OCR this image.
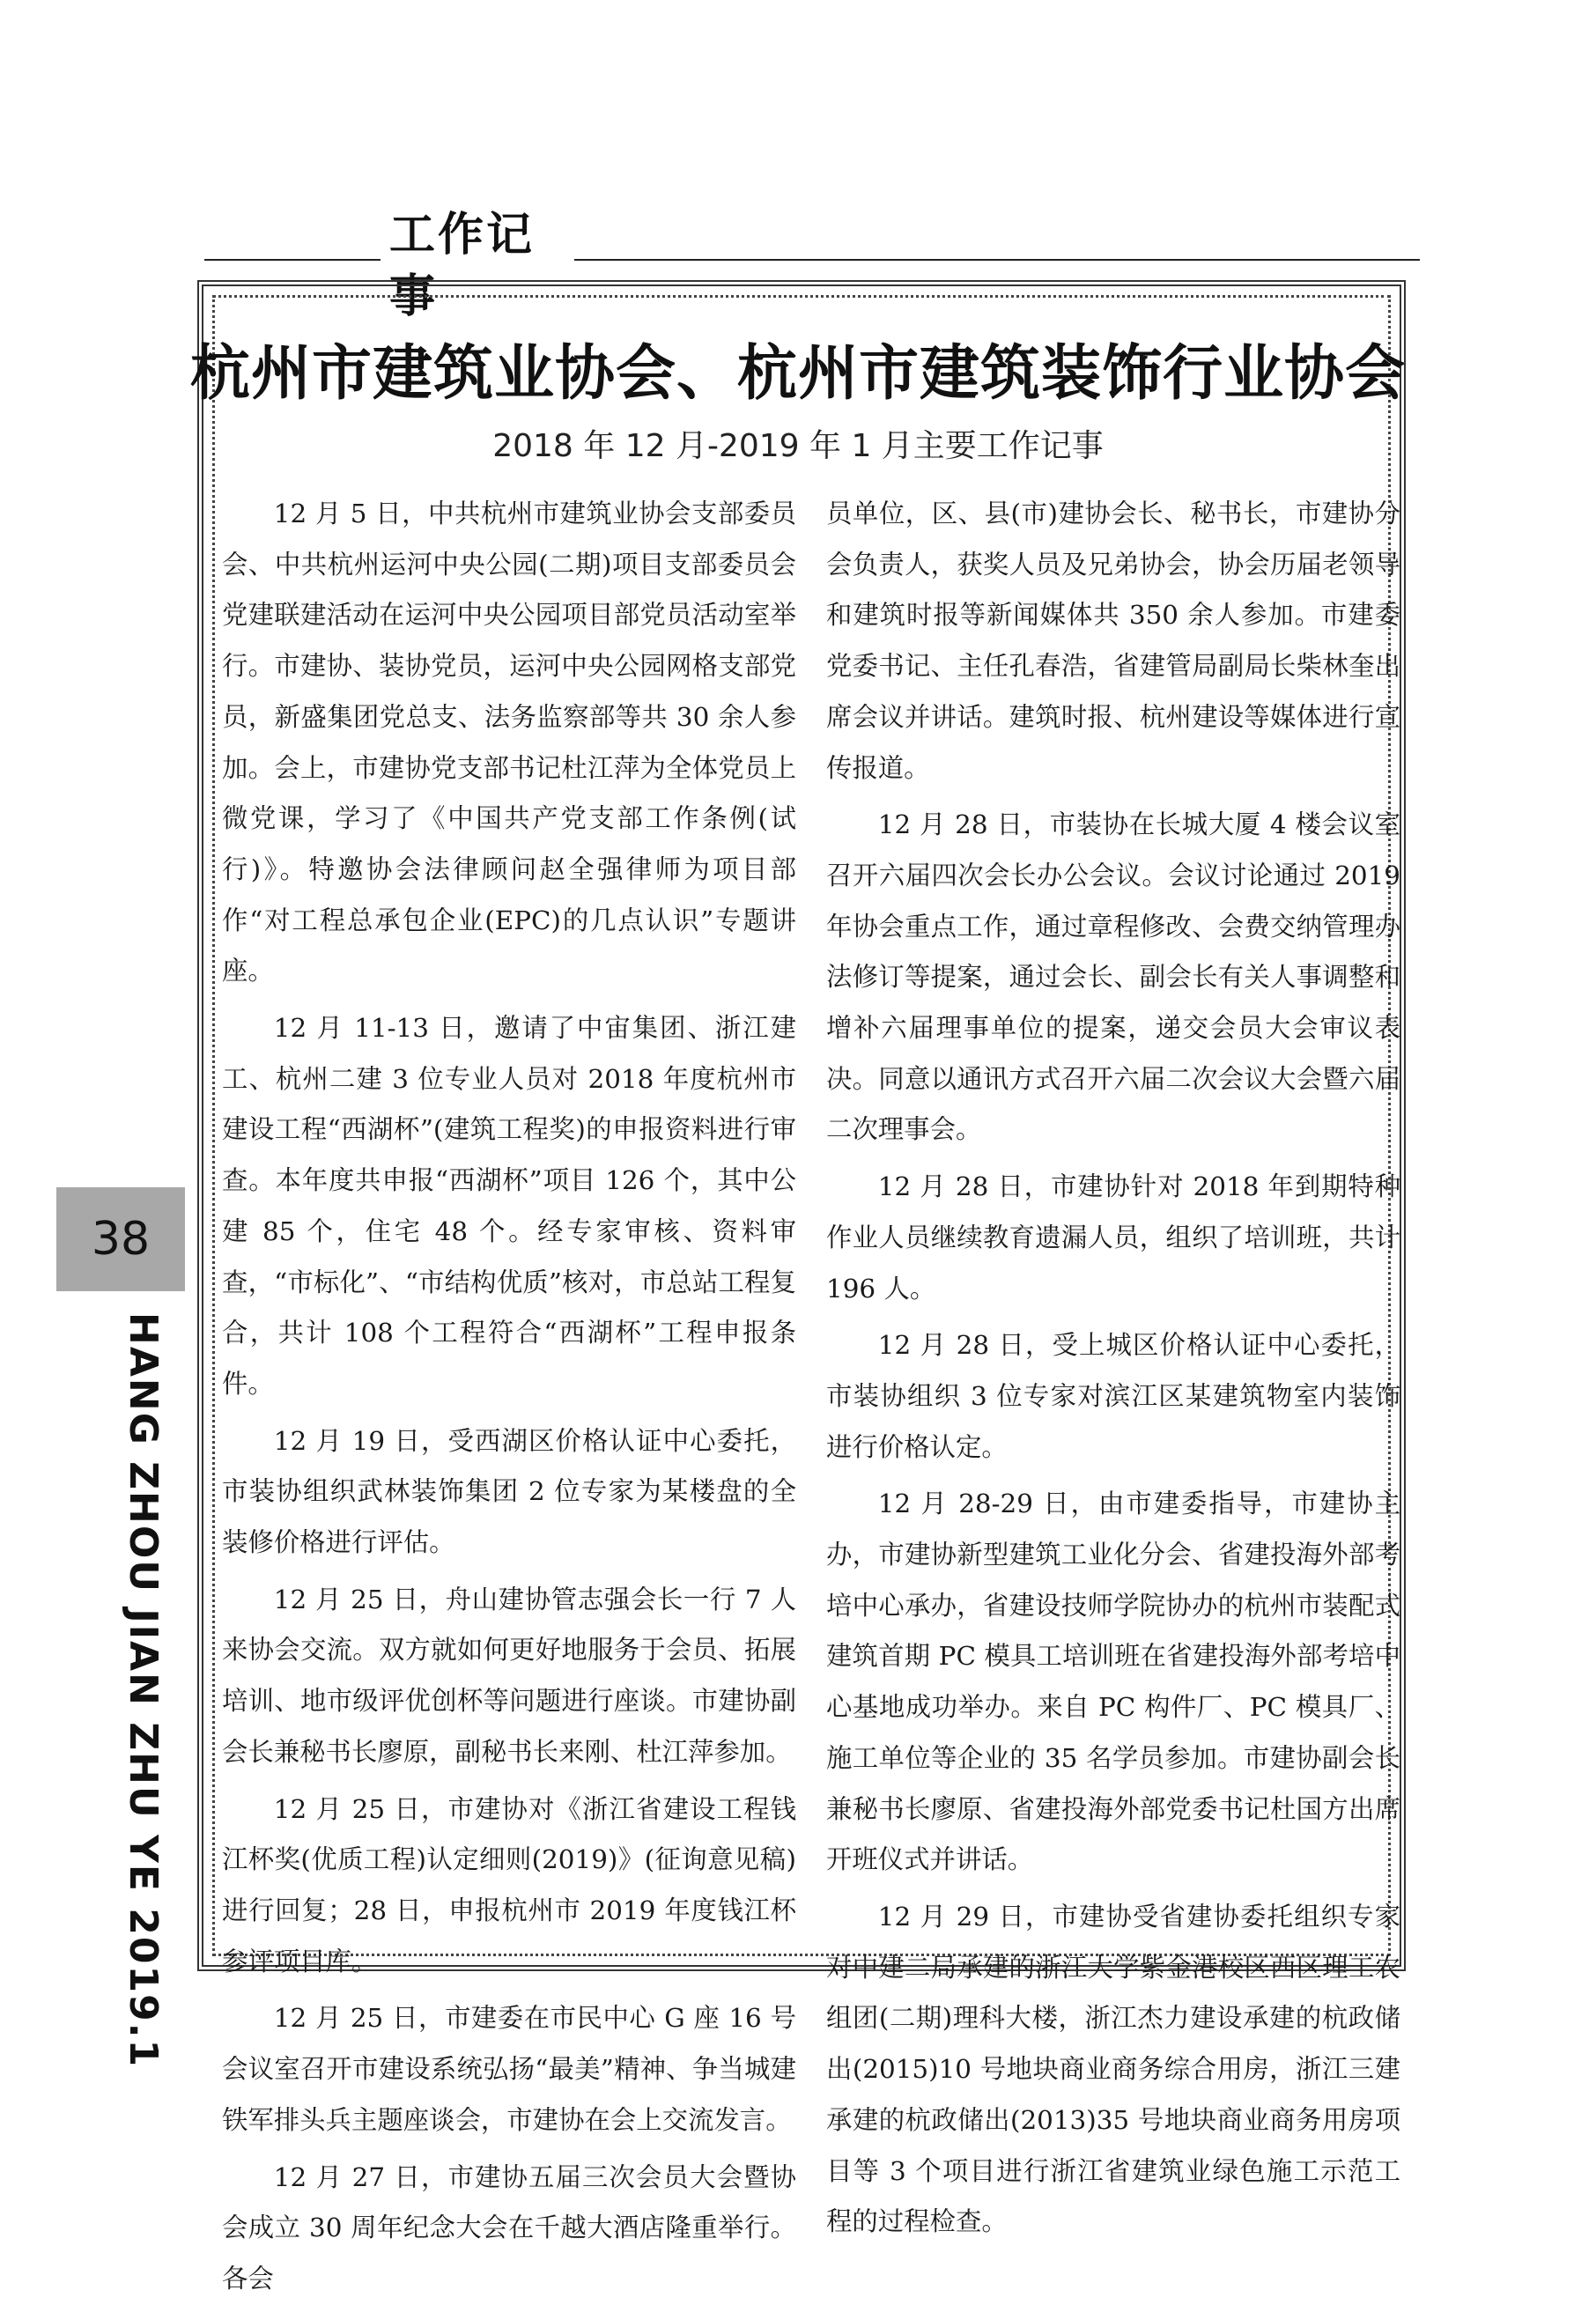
工作记事
杭州市建筑业协会、杭州市建筑装饰行业协会
2018 年 12 月-2019 年 1 月主要工作记事

12 月 5 日，中共杭州市建筑业协会支部委员会、中共杭州运河中央公园(二期)项目支部委员会党建联建活动在运河中央公园项目部党员活动室举行。市建协、装协党员，运河中央公园网格支部党员，新盛集团党总支、法务监察部等共 30 余人参加。会上，市建协党支部书记杜江萍为全体党员上微党课，学习了《中国共产党支部工作条例(试行)》。特邀协会法律顾问赵全强律师为项目部作“对工程总承包企业(EPC)的几点认识”专题讲座。

12 月 11-13 日，邀请了中宙集团、浙江建工、杭州二建 3 位专业人员对 2018 年度杭州市建设工程“西湖杯”(建筑工程奖)的申报资料进行审查。本年度共申报“西湖杯”项目 126 个，其中公建 85 个，住宅 48 个。经专家审核、资料审查，“市标化”、“市结构优质”核对，市总站工程复合，共计 108 个工程符合“西湖杯”工程申报条件。

12 月 19 日，受西湖区价格认证中心委托，市装协组织武林装饰集团 2 位专家为某楼盘的全装修价格进行评估。

12 月 25 日，舟山建协管志强会长一行 7 人来协会交流。双方就如何更好地服务于会员、拓展培训、地市级评优创杯等问题进行座谈。市建协副会长兼秘书长廖原，副秘书长来刚、杜江萍参加。

12 月 25 日，市建协对《浙江省建设工程钱江杯奖(优质工程)认定细则(2019)》(征询意见稿)进行回复；28 日，申报杭州市 2019 年度钱江杯参评项目库。

12 月 25 日，市建委在市民中心 G 座 16 号会议室召开市建设系统弘扬“最美”精神、争当城建铁军排头兵主题座谈会，市建协在会上交流发言。

12 月 27 日，市建协五届三次会员大会暨协会成立 30 周年纪念大会在千越大酒店隆重举行。各会

员单位，区、县(市)建协会长、秘书长，市建协分会负责人，获奖人员及兄弟协会，协会历届老领导和建筑时报等新闻媒体共 350 余人参加。市建委党委书记、主任孔春浩，省建管局副局长柴林奎出席会议并讲话。建筑时报、杭州建设等媒体进行宣传报道。

12 月 28 日，市装协在长城大厦 4 楼会议室召开六届四次会长办公会议。会议讨论通过 2019 年协会重点工作，通过章程修改、会费交纳管理办法修订等提案，通过会长、副会长有关人事调整和增补六届理事单位的提案，递交会员大会审议表决。同意以通讯方式召开六届二次会议大会暨六届二次理事会。

12 月 28 日，市建协针对 2018 年到期特种作业人员继续教育遗漏人员，组织了培训班，共计 196 人。

12 月 28 日，受上城区价格认证中心委托，市装协组织 3 位专家对滨江区某建筑物室内装饰进行价格认定。

12 月 28-29 日，由市建委指导，市建协主办，市建协新型建筑工业化分会、省建投海外部考培中心承办，省建设技师学院协办的杭州市装配式建筑首期 PC 模具工培训班在省建投海外部考培中心基地成功举办。来自 PC 构件厂、PC 模具厂、施工单位等企业的 35 名学员参加。市建协副会长兼秘书长廖原、省建投海外部党委书记杜国方出席开班仪式并讲话。

12 月 29 日，市建协受省建协委托组织专家对中建二局承建的浙江大学紫金港校区西区理工农组团(二期)理科大楼，浙江杰力建设承建的杭政储出(2015)10 号地块商业商务综合用房，浙江三建承建的杭政储出(2013)35 号地块商业商务用房项目等 3 个项目进行浙江省建筑业绿色施工示范工程的过程检查。

38
HANG ZHOU JIAN ZHU YE 2019.1
